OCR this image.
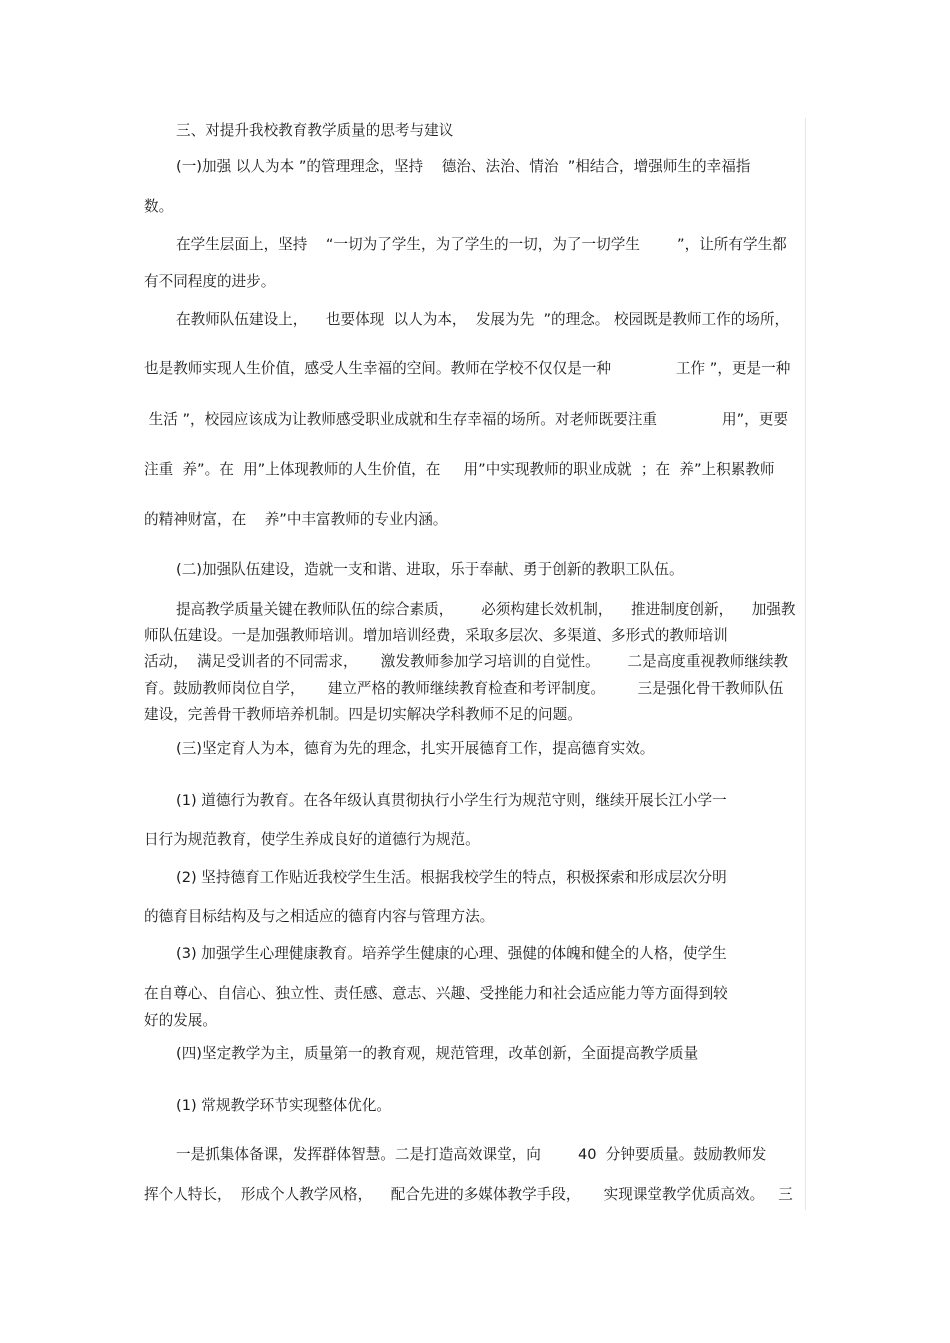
三、对提升我校教育教学质量的思考与建议
(一)加强 以人为本 ”的管理理念，坚持    德治、法治、情治  ”相结合，增强师生的幸福指
数。
在学生层面上，坚持    “一切为了学生，为了学生的一切，为了一切学生        ”，让所有学生都
有不同程度的进步。
在教师队伍建设上，    也要体现  以人为本，  发展为先  ”的理念。 校园既是教师工作的场所，
也是教师实现人生价值，感受人生幸福的空间。教师在学校不仅仅是一种              工作 ”，更是一种
生活 ”，校园应该成为让教师感受职业成就和生存幸福的场所。对老师既要注重              用”，更要
注重  养”。在  用”上体现教师的人生价值，在     用”中实现教师的职业成就  ；在  养”上积累教师
的精神财富，在    养”中丰富教师的专业内涵。
(二)加强队伍建设，造就一支和谐、进取，乐于奉献、勇于创新的教职工队伍。
提高教学质量关键在教师队伍的综合素质，      必须构建长效机制，    推进制度创新，    加强教
师队伍建设。一是加强教师培训。增加培训经费，采取多层次、多渠道、多形式的教师培训
活动，  满足受训者的不同需求，     激发教师参加学习培训的自觉性。      二是高度重视教师继续教
育。鼓励教师岗位自学，     建立严格的教师继续教育检查和考评制度。       三是强化骨干教师队伍
建设，完善骨干教师培养机制。四是切实解决学科教师不足的问题。
(三)坚定育人为本，德育为先的理念，扎实开展德育工作，提高德育实效。
(1) 道德行为教育。在各年级认真贯彻执行小学生行为规范守则，继续开展长江小学一
日行为规范教育，使学生养成良好的道德行为规范。
(2) 坚持德育工作贴近我校学生生活。根据我校学生的特点，积极探索和形成层次分明
的德育目标结构及与之相适应的德育内容与管理方法。
(3) 加强学生心理健康教育。培养学生健康的心理、强健的体魄和健全的人格，使学生
在自尊心、自信心、独立性、责任感、意志、兴趣、受挫能力和社会适应能力等方面得到较
好的发展。
(四)坚定教学为主，质量第一的教育观，规范管理，改革创新，全面提高教学质量
(1) 常规教学环节实现整体优化。
一是抓集体备课，发挥群体智慧。二是打造高效课堂，向        40  分钟要质量。鼓励教师发
挥个人特长，  形成个人教学风格，    配合先进的多媒体教学手段，     实现课堂教学优质高效。   三
